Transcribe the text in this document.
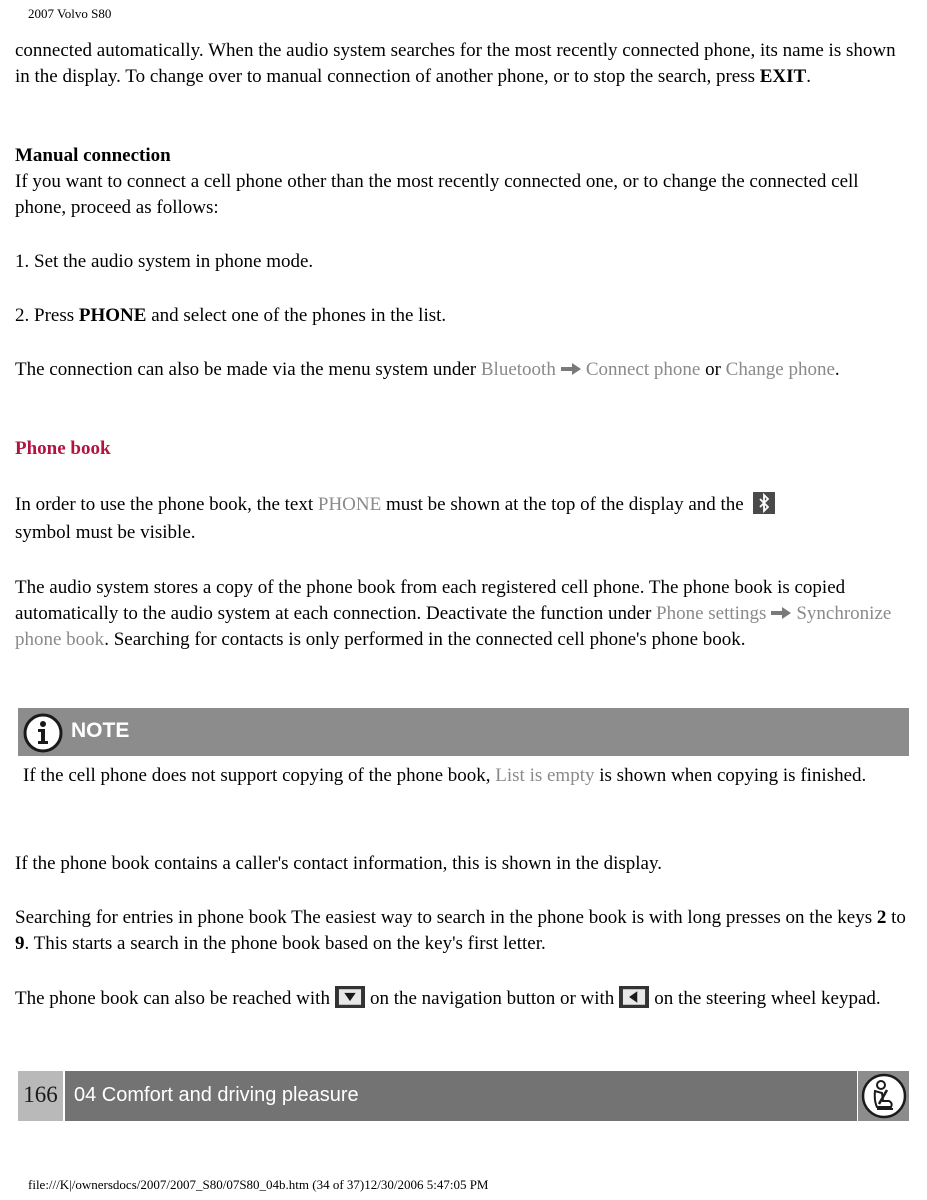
2007 Volvo S80
connected automatically. When the audio system searches for the most recently connected phone, its name is shown in the display. To change over to manual connection of another phone, or to stop the search, press EXIT.
Manual connection
If you want to connect a cell phone other than the most recently connected one, or to change the connected cell phone, proceed as follows:
1. Set the audio system in phone mode.
2. Press PHONE and select one of the phones in the list.
The connection can also be made via the menu system under Bluetooth Connect phone or Change phone.
Phone book
In order to use the phone book, the text PHONE must be shown at the top of the display and the
symbol must be visible.
The audio system stores a copy of the phone book from each registered cell phone. The phone book is copied automatically to the audio system at each connection. Deactivate the function under Phone settings Synchronize phone book. Searching for contacts is only performed in the connected cell phone's phone book.
NOTE
If the cell phone does not support copying of the phone book, List is empty is shown when copying is finished.
If the phone book contains a caller's contact information, this is shown in the display.
Searching for entries in phone book The easiest way to search in the phone book is with long presses on the keys 2 to 9. This starts a search in the phone book based on the key's first letter.
The phone book can also be reached with on the navigation button or with on the steering wheel keypad.
166 04 Comfort and driving pleasure
file:///K|/ownersdocs/2007/2007_S80/07S80_04b.htm (34 of 37)12/30/2006 5:47:05 PM
